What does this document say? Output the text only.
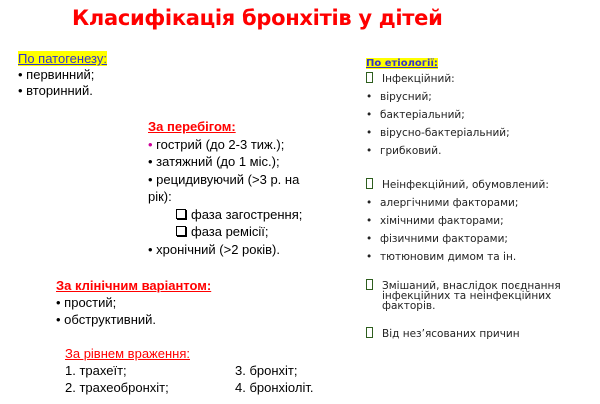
Класифікація бронхітів у дітей
По патогенезу:
• первинний;
• вторинний.
За перебігом:
• гострий (до 2-3 тиж.);
• затяжний (до 1 міс.);
• рецидивуючий (>3 р. на
рік):
фаза загострення;
фаза ремісії;
• хронічний (>2 років).
За клінічним варіантом:
• простий;
• обструктивний.
За рівнем враження:
1. трахеїт;	3. бронхіт;
2. трахеобронхіт;	4. бронхіоліт.
По етіології:
Інфекційний:
• вірусний;
• бактеріальний;
• вірусно-бактеріальний;
• грибковий.
Неінфекційний, обумовлений:
• алергічними факторами;
• хімічними факторами;
• фізичними факторами;
• тютюновим димом та ін.
Змішаний, внаслідок поєднання
інфекційних та неінфекційних
факторів.
Від нез’ясованих причин
